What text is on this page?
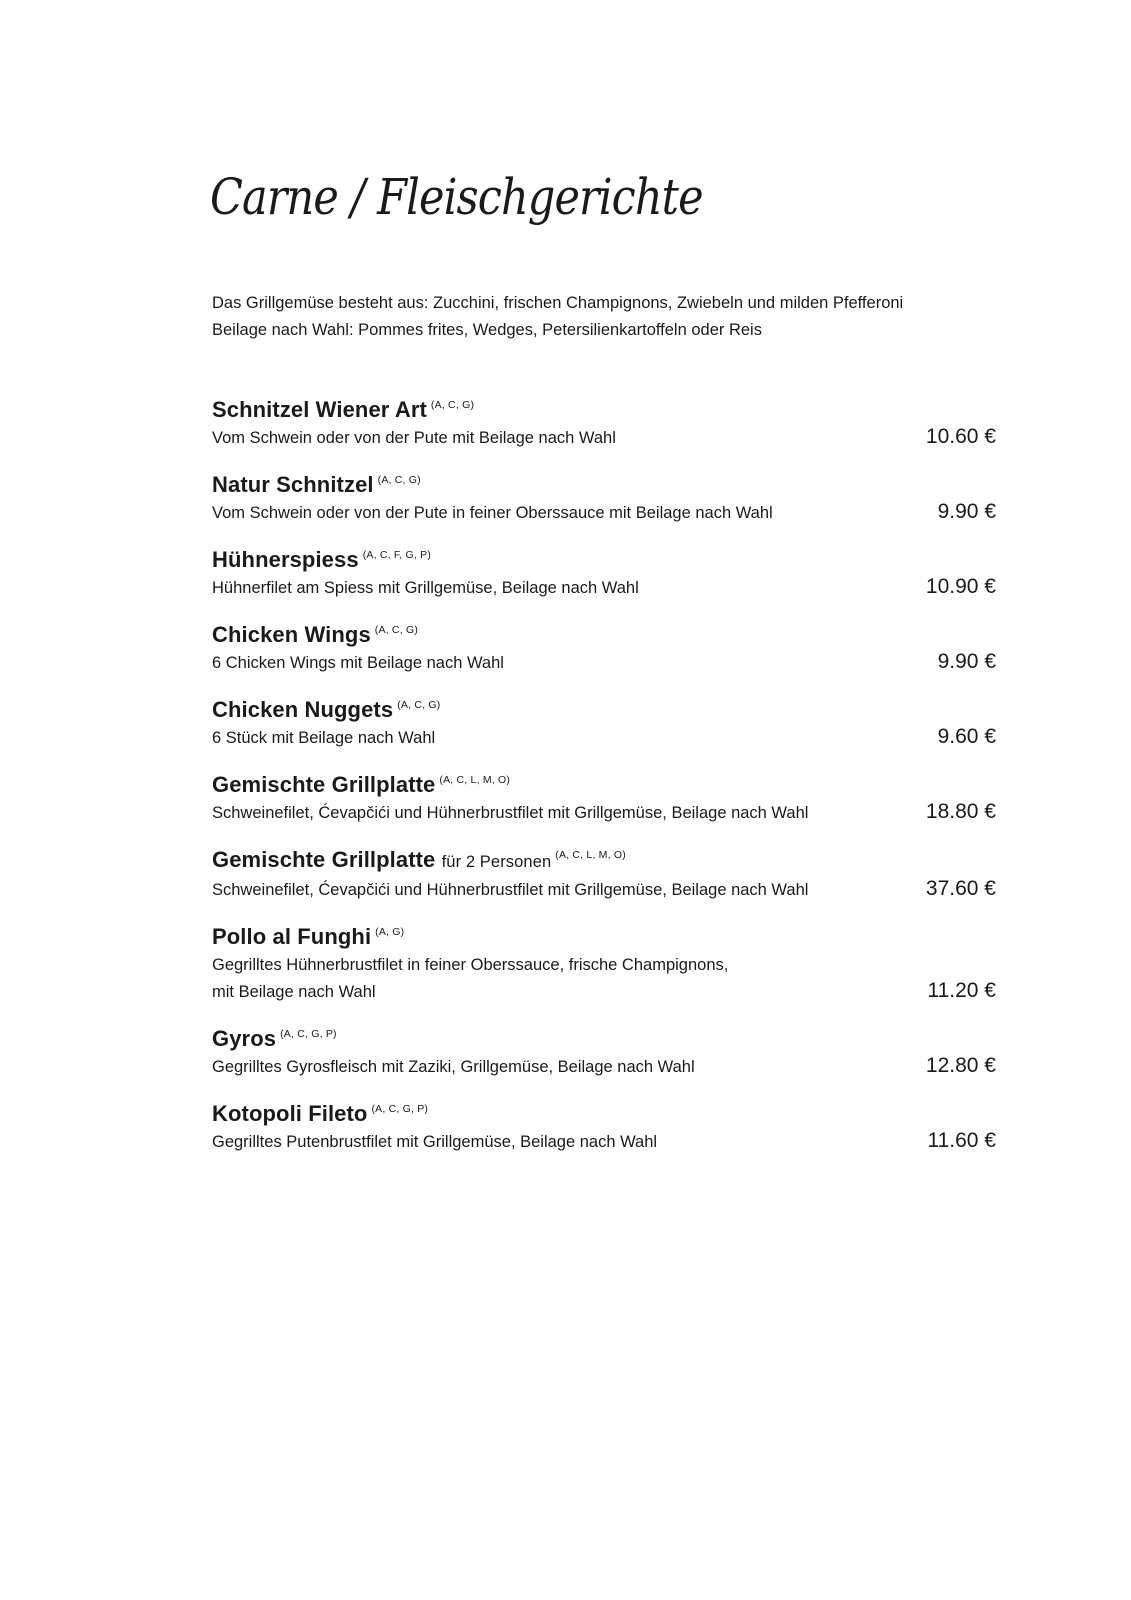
Carne / Fleischgerichte
Das Grillgemüse besteht aus: Zucchini, frischen Champignons, Zwiebeln und milden Pfefferoni
Beilage nach Wahl: Pommes frites, Wedges, Petersilienkartoffeln oder Reis
Schnitzel Wiener Art $^{(A, C, G)}$
Vom Schwein oder von der Pute mit Beilage nach Wahl	10.60 €
Natur Schnitzel $^{(A, C, G)}$
Vom Schwein oder von der Pute in feiner Oberssauce mit Beilage nach Wahl	9.90 €
Hühnerspiess $^{(A, C, F, G, P)}$
Hühnerfilet am Spiess mit Grillgemüse, Beilage nach Wahl	10.90 €
Chicken Wings $^{(A, C, G)}$
6 Chicken Wings mit Beilage nach Wahl	9.90 €
Chicken Nuggets $^{(A, C, G)}$
6 Stück mit Beilage nach Wahl	9.60 €
Gemischte Grillplatte $^{(A, C, L, M, O)}$
Schweinefilet, Ćevapčići und Hühnerbrustfilet mit Grillgemüse, Beilage nach Wahl	18.80 €
Gemischte Grillplatte für 2 Personen $^{(A, C, L, M, O)}$
Schweinefilet, Ćevapčići und Hühnerbrustfilet mit Grillgemüse, Beilage nach Wahl	37.60 €
Pollo al Funghi $^{(A, G)}$
Gegrilltes Hühnerbrustfilet in feiner Oberssauce, frische Champignons,
mit Beilage nach Wahl	11.20 €
Gyros $^{(A, C, G, P)}$
Gegrilltes Gyrosfleisch mit Zaziki, Grillgemüse, Beilage nach Wahl	12.80 €
Kotopoli Fileto $^{(A, C, G, P)}$
Gegrilltes Putenbrustfilet mit Grillgemüse, Beilage nach Wahl	11.60 €
